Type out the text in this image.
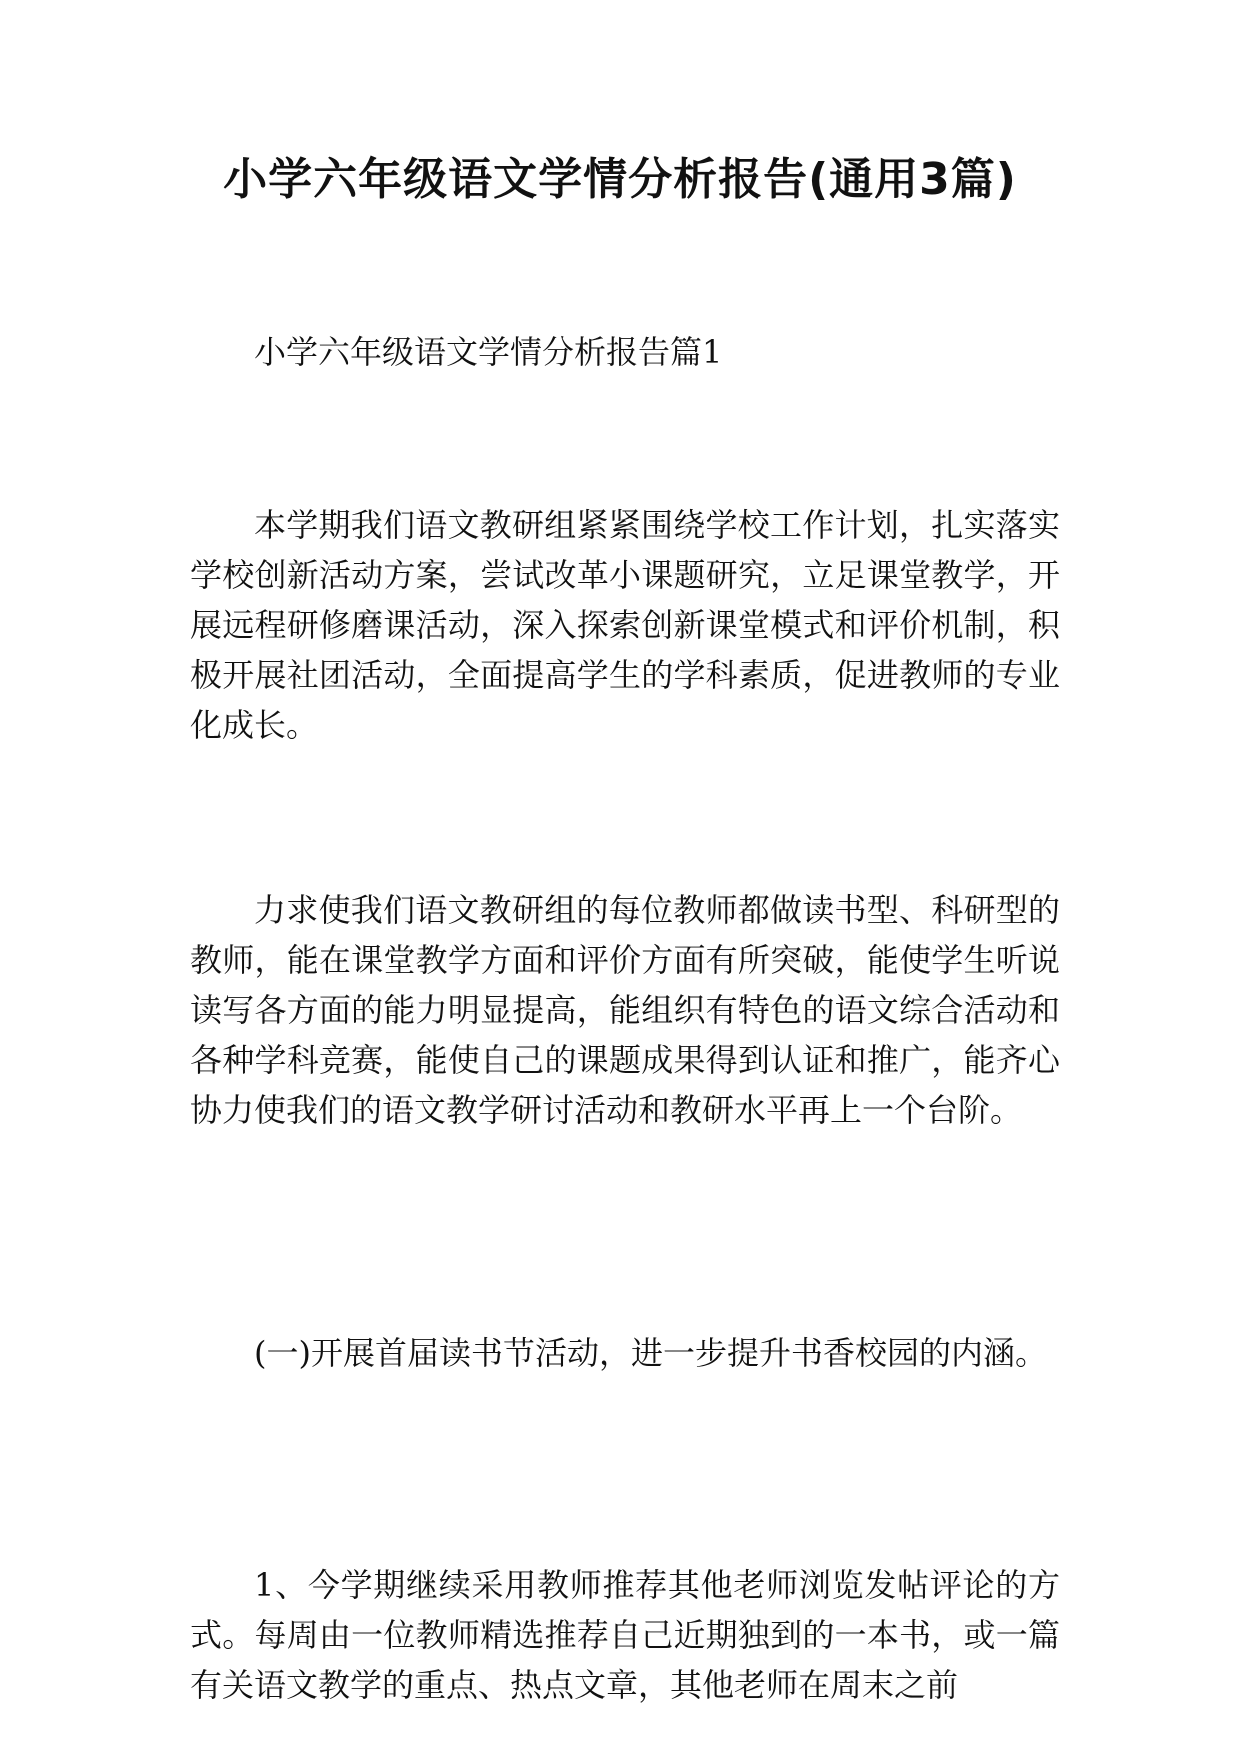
小学六年级语文学情分析报告(通用3篇)

小学六年级语文学情分析报告篇1

本学期我们语文教研组紧紧围绕学校工作计划，扎实落实学校创新活动方案，尝试改革小课题研究，立足课堂教学，开展远程研修磨课活动，深入探索创新课堂模式和评价机制，积极开展社团活动，全面提高学生的学科素质，促进教师的专业化成长。

力求使我们语文教研组的每位教师都做读书型、科研型的教师，能在课堂教学方面和评价方面有所突破，能使学生听说读写各方面的能力明显提高，能组织有特色的语文综合活动和各种学科竞赛，能使自己的课题成果得到认证和推广，能齐心协力使我们的语文教学研讨活动和教研水平再上一个台阶。

(一)开展首届读书节活动，进一步提升书香校园的内涵。

1、今学期继续采用教师推荐其他老师浏览发帖评论的方式。每周由一位教师精选推荐自己近期独到的一本书，或一篇有关语文教学的重点、热点文章，其他老师在周末之前
